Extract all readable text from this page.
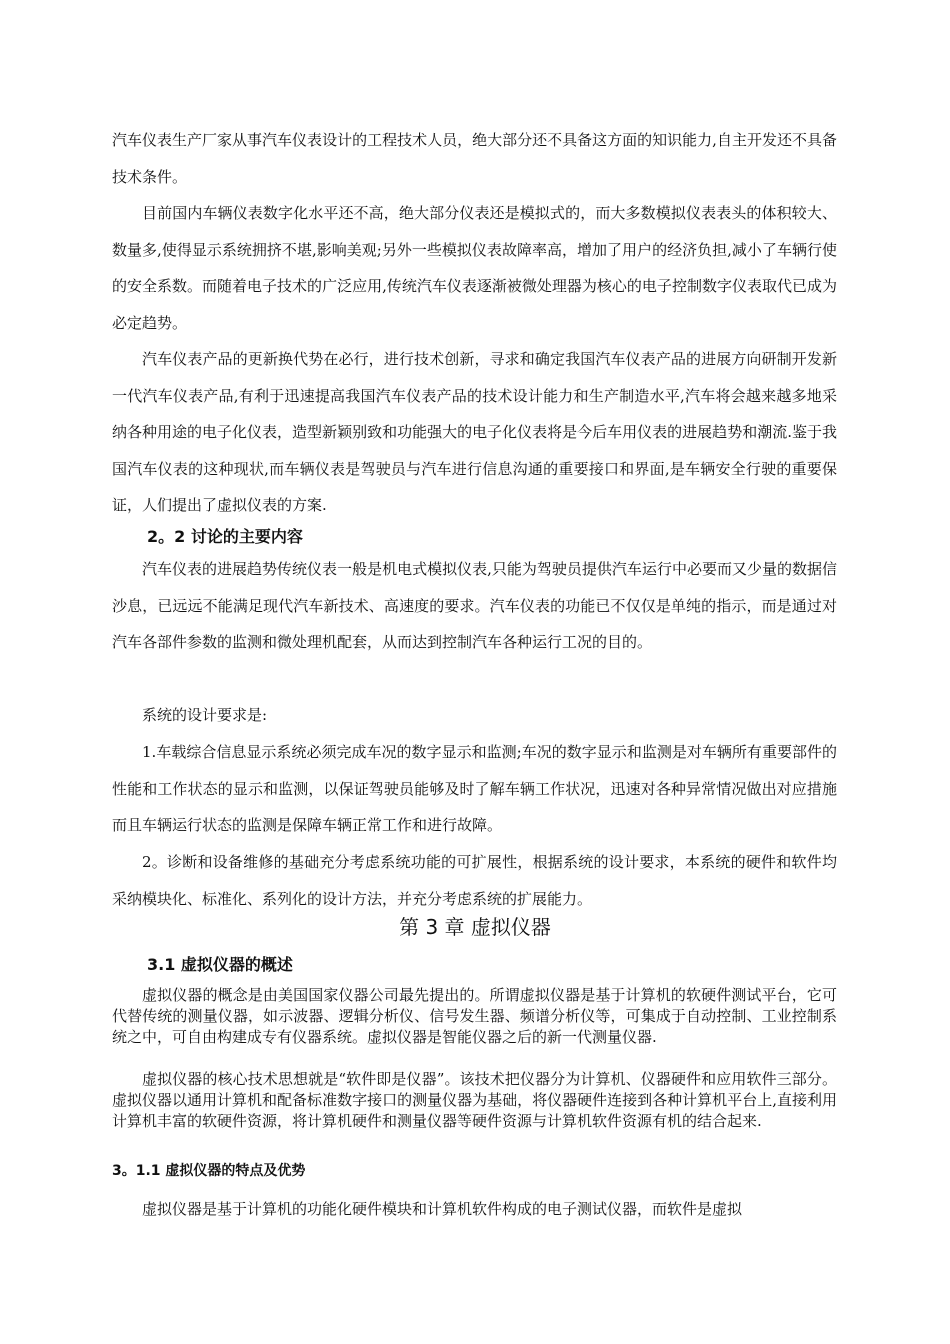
汽车仪表生产厂家从事汽车仪表设计的工程技术人员，绝大部分还不具备这方面的知识能力,自主开发还不具备技术条件。

目前国内车辆仪表数字化水平还不高，绝大部分仪表还是模拟式的，而大多数模拟仪表表头的体积较大、数量多,使得显示系统拥挤不堪,影响美观;另外一些模拟仪表故障率高，增加了用户的经济负担,减小了车辆行使的安全系数。而随着电子技术的广泛应用,传统汽车仪表逐渐被微处理器为核心的电子控制数字仪表取代已成为必定趋势。

汽车仪表产品的更新换代势在必行，进行技术创新，寻求和确定我国汽车仪表产品的进展方向研制开发新一代汽车仪表产品,有利于迅速提高我国汽车仪表产品的技术设计能力和生产制造水平,汽车将会越来越多地采纳各种用途的电子化仪表，造型新颖别致和功能强大的电子化仪表将是今后车用仪表的进展趋势和潮流.鉴于我国汽车仪表的这种现状,而车辆仪表是驾驶员与汽车进行信息沟通的重要接口和界面,是车辆安全行驶的重要保证，人们提出了虚拟仪表的方案.

2。2 讨论的主要内容

汽车仪表的进展趋势传统仪表一般是机电式模拟仪表,只能为驾驶员提供汽车运行中必要而又少量的数据信沙息，已远远不能满足现代汽车新技术、高速度的要求。汽车仪表的功能已不仅仅是单纯的指示，而是通过对汽车各部件参数的监测和微处理机配套，从而达到控制汽车各种运行工况的目的。

系统的设计要求是:

1.车载综合信息显示系统必须完成车况的数字显示和监测;车况的数字显示和监测是对车辆所有重要部件的性能和工作状态的显示和监测，以保证驾驶员能够及时了解车辆工作状况，迅速对各种异常情况做出对应措施而且车辆运行状态的监测是保障车辆正常工作和进行故障。

2。诊断和设备维修的基础充分考虑系统功能的可扩展性，根据系统的设计要求，本系统的硬件和软件均采纳模块化、标准化、系列化的设计方法，并充分考虑系统的扩展能力。

第 3 章 虚拟仪器
3.1 虚拟仪器的概述

虚拟仪器的概念是由美国国家仪器公司最先提出的。所谓虚拟仪器是基于计算机的软硬件测试平台，它可代替传统的测量仪器，如示波器、逻辑分析仪、信号发生器、频谱分析仪等，可集成于自动控制、工业控制系统之中，可自由构建成专有仪器系统。虚拟仪器是智能仪器之后的新一代测量仪器.

虚拟仪器的核心技术思想就是“软件即是仪器”。该技术把仪器分为计算机、仪器硬件和应用软件三部分。虚拟仪器以通用计算机和配备标准数字接口的测量仪器为基础，将仪器硬件连接到各种计算机平台上,直接利用计算机丰富的软硬件资源，将计算机硬件和测量仪器等硬件资源与计算机软件资源有机的结合起来.

3。1.1 虚拟仪器的特点及优势

虚拟仪器是基于计算机的功能化硬件模块和计算机软件构成的电子测试仪器，而软件是虚拟
